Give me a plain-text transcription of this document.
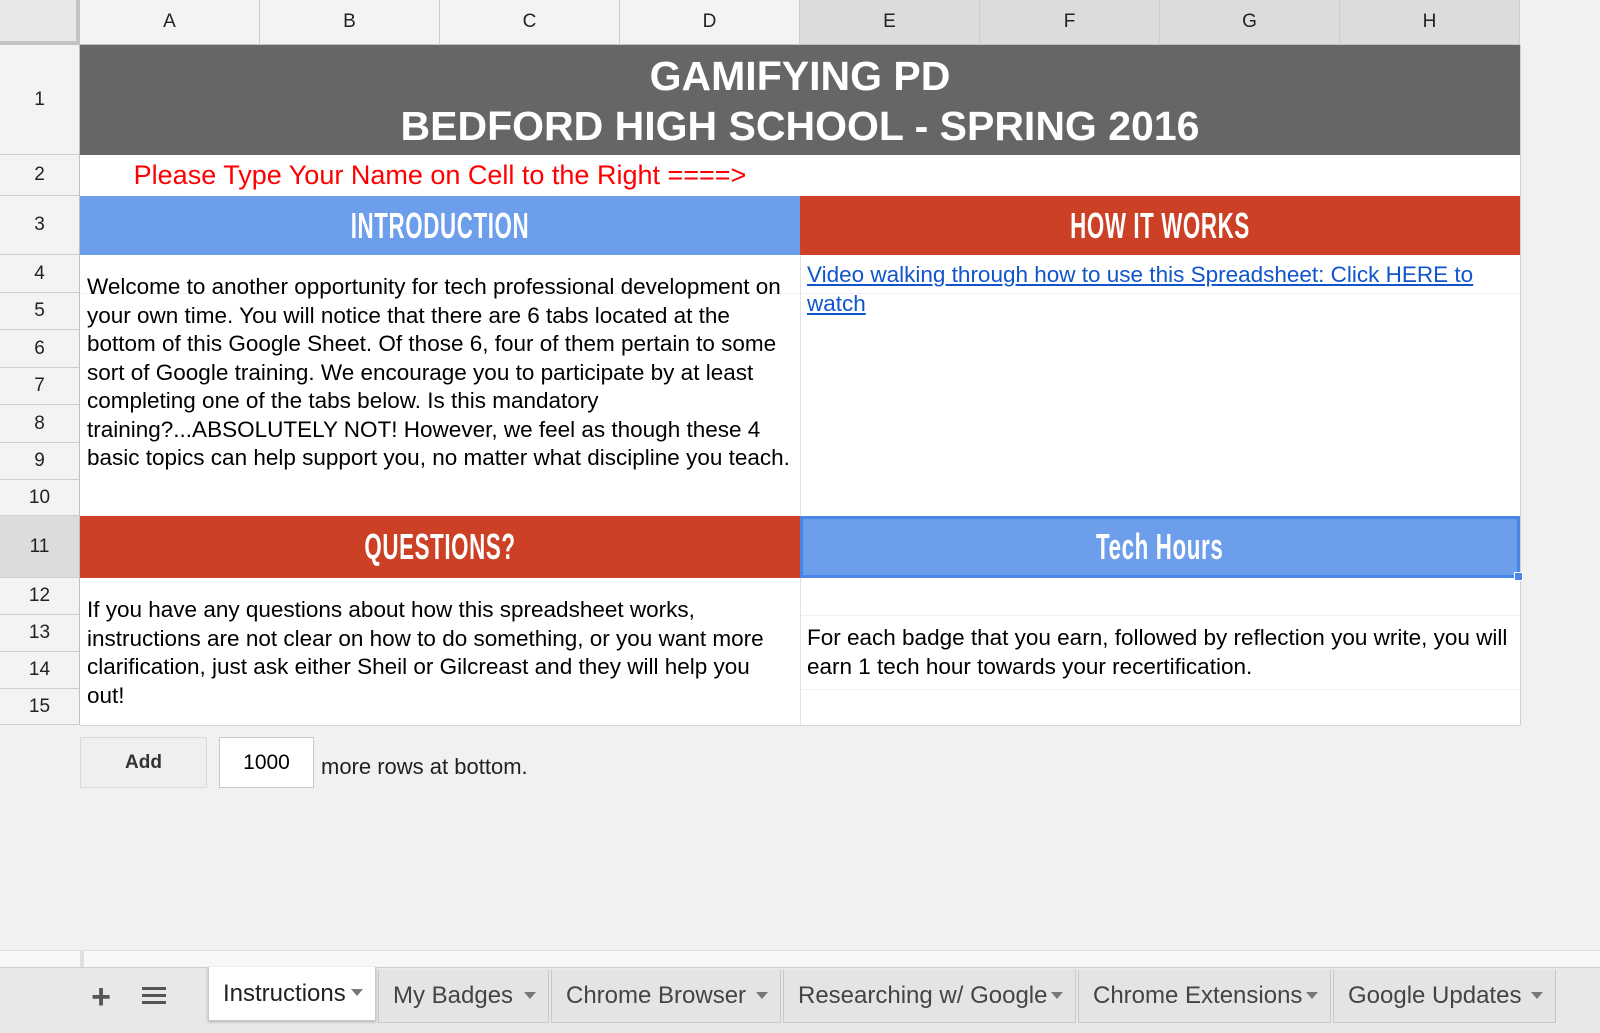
A	B	C	D	E	F	G	H
1
2
3
4
5
6
7
8
9
10
11
12
13
14
15
GAMIFYING PD
BEDFORD HIGH SCHOOL - SPRING 2016
Please Type Your Name on Cell to the Right ====>
INTRODUCTION	HOW IT WORKS
Welcome to another opportunity for tech professional development on your own time. You will notice that there are 6 tabs located at the bottom of this Google Sheet. Of those 6, four of them pertain to some sort of Google training. We encourage you to participate by at least completing one of the tabs below. Is this mandatory training?...ABSOLUTELY NOT! However, we feel as though these 4 basic topics can help support you, no matter what discipline you teach.
Video walking through how to use this Spreadsheet: Click HERE to watch
QUESTIONS?	Tech Hours
If you have any questions about how this spreadsheet works, instructions are not clear on how to do something, or you want more clarification, just ask either Sheil or Gilcreast and they will help you out!
For each badge that you earn, followed by reflection you write, you will earn 1 tech hour towards your recertification.
Add	1000	more rows at bottom.
+	Instructions My Badges Chrome Browser Researching w/ Google Chrome Extensions Google Updates
